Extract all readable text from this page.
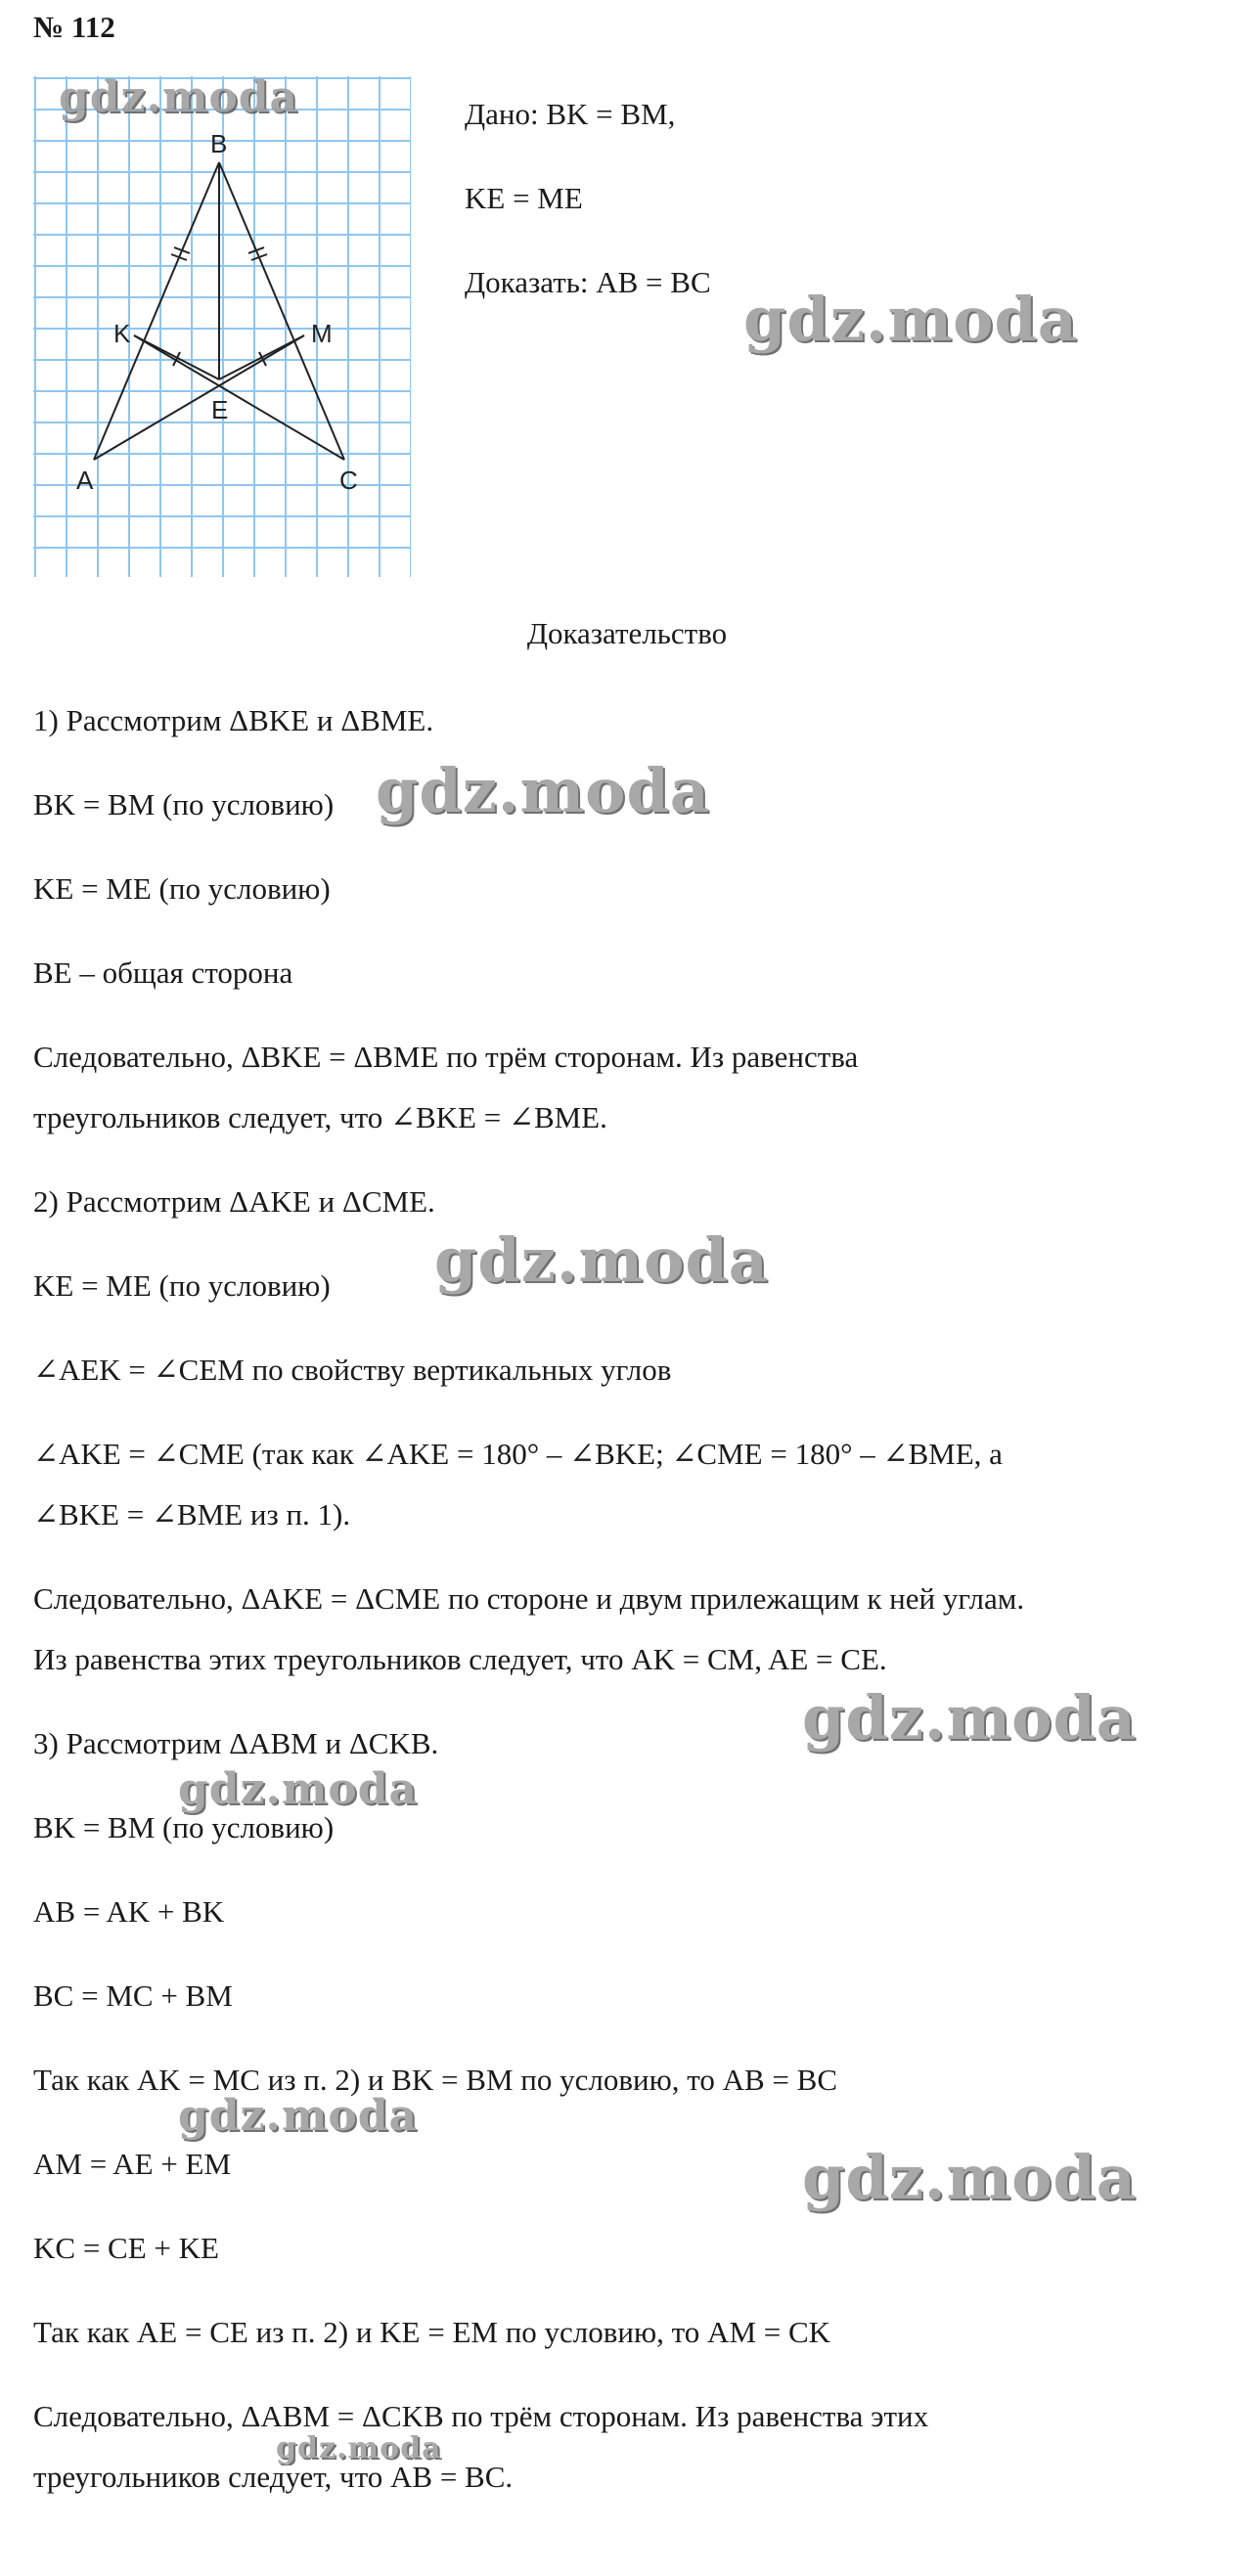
№ 112
B
K	M
E
A	C
Дано: BK = BM,
KE = ME
Доказать: AB = BC
Доказательство
1) Рассмотрим ΔBKE и ΔBME.
BK = BM (по условию)
KE = ME (по условию)
BE – общая сторона
Следовательно, ΔBKE = ΔBME по трём сторонам. Из равенства
треугольников следует, что ∠BKE = ∠BME.
2) Рассмотрим ΔAKE и ΔCME.
KE = ME (по условию)
∠AEK = ∠CEM по свойству вертикальных углов
∠AKE = ∠CME (так как ∠AKE = 180° – ∠BKE; ∠CME = 180° – ∠BME, а
∠BKE = ∠BME из п. 1).
Следовательно, ΔAKE = ΔCME по стороне и двум прилежащим к ней углам.
Из равенства этих треугольников следует, что AK = CM, AE = CE.
3) Рассмотрим ΔABM и ΔCKB.
BK = BM (по условию)
AB = AK + BK
BC = MC + BM
Так как AK = MC из п. 2) и BK = BM по условию, то AB = BC
AM = AE + EM
KC = CE + KE
Так как AE = CE из п. 2) и KE = EM по условию, то AM = CK
Следовательно, ΔABM = ΔCKB по трём сторонам. Из равенства этих
треугольников следует, что AB = BC.
gdz.moda
gdz.moda
gdz.moda
gdz.moda
gdz.moda
gdz.moda
gdz.moda
gdz.moda
gdz.moda
